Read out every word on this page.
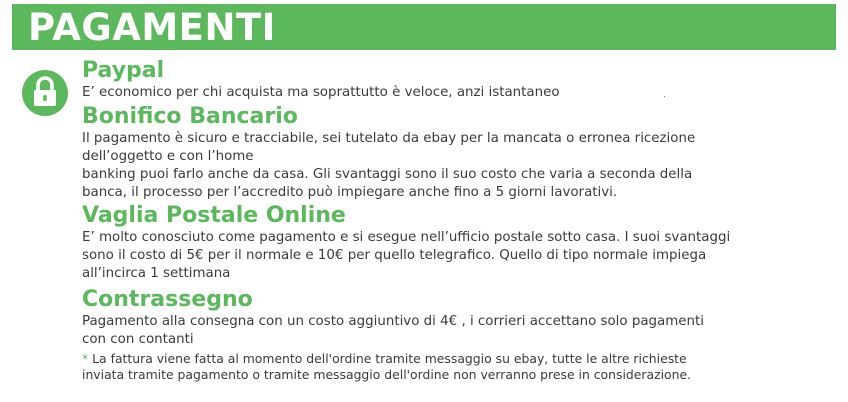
PAGAMENTI
Paypal

E’ economico per chi acquista ma soprattutto è veloce, anzi istantaneo

Bonifico Bancario

Il pagamento è sicuro e tracciabile, sei tutelato da ebay per la mancata o erronea ricezione
dell’oggetto e con l’home
banking puoi farlo anche da casa. Gli svantaggi sono il suo costo che varia a seconda della
banca, il processo per l’accredito può impiegare anche fino a 5 giorni lavorativi.

Vaglia Postale Online

E’ molto conosciuto come pagamento e si esegue nell’ufficio postale sotto casa. I suoi svantaggi
sono il costo di 5€ per il normale e 10€ per quello telegrafico. Quello di tipo normale impiega
all’incirca 1 settimana

Contrassegno

Pagamento alla consegna con un costo aggiuntivo di 4€ , i corrieri accettano solo pagamenti
con con contanti

* La fattura viene fatta al momento dell'ordine tramite messaggio su ebay, tutte le altre richieste
inviata tramite pagamento o tramite messaggio dell'ordine non verranno prese in considerazione.
